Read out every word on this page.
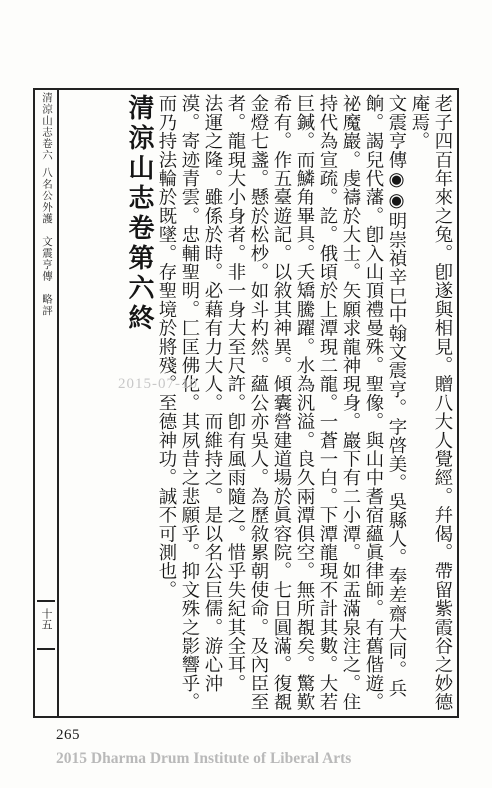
清涼山志卷六八名公外護　文震亨傳　略評
十五	老子四百年來之兔。卽遂與相見。贈八大人覺經。幷偈。帶留紫霞谷之妙德庵焉。

文震亨傳◉◉明崇禎辛巳中翰文震亨。字啓美。吳縣人。奉差齋大同。兵餉。謁兒代藩。卽入山頂禮曼殊。聖像。與山中耆宿蘊眞律師。有舊偕遊。祕魔巖。虔禱於大士。矢願求龍神現身。巖下有二小潭。如盂滿泉注之。住持代為宣疏。訖。俄頃於上潭現二龍。一蒼一白。下潭龍現不計其數。大若巨鍼。而鱗角畢具。夭矯騰躍。水為汎溢。良久兩潭俱空。無所覩矣。驚歎希有。作五臺遊記。以敘其神異。傾囊營建道場於眞容院。七日圓滿。復覩金燈七盞。懸於松杪。如斗杓然。蘊公亦吳人。為歷敘累朝使命。及內臣至者。龍現大小身者。非一身大至尺許。卽有風雨隨之。惜乎失紀其全耳。

法運之隆。雖係於時。必藉有力大人。而維持之。是以名公巨儒。游心沖漠。寄迹青雲。忠輔聖明。匚匡佛化。其夙昔之悲願乎。抑文殊之影響乎。而乃持法輪於既墜。存聖境於將殘。至德神功。誠不可測也。

清涼山志卷第六終

2015-07-10
265
2015 Dharma Drum Institute of Liberal Arts
